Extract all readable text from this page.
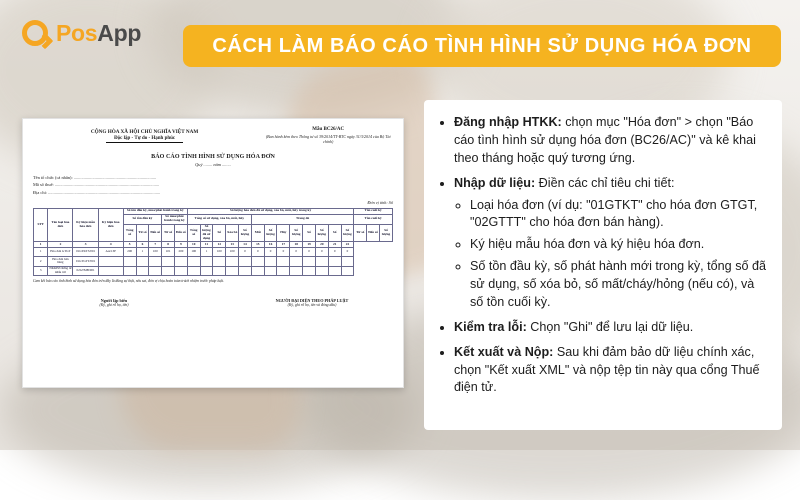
PosApp	CÁCH LÀM BÁO CÁO TÌNH HÌNH SỬ DỤNG HÓA ĐƠN
CỘNG HÒA XÃ HỘI CHỦ NGHĨA VIỆT NAM
Độc lập - Tự do - Hạnh phúc
Mẫu BC26/AC
(Ban hành kèm theo Thông tư số 39/2014/TT-BTC ngày 31/3/2014 của Bộ Tài chính)
BÁO CÁO TÌNH HÌNH SỬ DỤNG HÓA ĐƠN
Quý ........ năm ........
Tên tổ chức (cá nhân): ...........................................................................
Mã số thuế: ...............................................................................................
Địa chỉ: ......................................................................................................
Đơn vị tính: Số
STT	Tên loại hóa đơn	Ký hiệu mẫu hóa đơn	Ký hiệu hóa đơn	Số tồn đầu kỳ, mua/phát hành trong kỳ					Số lượng hóa đơn đã sử dụng, xóa bỏ, mất, hủy trong kỳ													Tồn cuối kỳ		
				Số tồn đầu kỳ			Số mua/phát hành trong kỳ		Tổng số sử dụng, xóa bỏ, mất, hủy					Trong đó								Tồn cuối kỳ		
				Tổng số	Từ số	Đến số	Từ số	Đến số	Tổng số	Số lượng đã sử dụng	Số	Xóa bỏ	Số lượng	Mất	Số lượng	Hủy	Số lượng	Số	Số lượng	Số	Số lượng	Từ số	Đến số	Số lượng
1	2	3	4	5	6	7	8	9	10	11	12	13	14	15	16	17	18	19	20	21	22			
1	Hóa đơn GTGT	01GTKT3/001	AA/13P	200	1	100	101	200	100	1	100	100	0	0	0	0	0	0	0	0	0			
2	Hóa đơn bán hàng	01GTGTT/001																						
3	NKKH/Chứng từ khấu trừ	02GTMB/001																						
Cam kết báo cáo tình hình sử dụng hóa đơn trên đây là đúng sự thật, nếu sai, đơn vị chịu hoàn toàn trách nhiệm trước pháp luật.
Người lập biểu
(Ký, ghi rõ họ, tên)
NGƯỜI ĐẠI DIỆN THEO PHÁP LUẬT
(Ký, ghi rõ họ, tên và đóng dấu)
• Đăng nhập HTKK: chọn mục "Hóa đơn" > chọn "Báo cáo tình hình sử dụng hóa đơn (BC26/AC)" và kê khai theo tháng hoặc quý tương ứng.
• Nhập dữ liệu: Điền các chỉ tiêu chi tiết:
◦ Loại hóa đơn (ví dụ: "01GTKT" cho hóa đơn GTGT, "02GTTT" cho hóa đơn bán hàng).
◦ Ký hiệu mẫu hóa đơn và ký hiệu hóa đơn.
◦ Số tồn đầu kỳ, số phát hành mới trong kỳ, tổng số đã sử dụng, số xóa bỏ, số mất/cháy/hỏng (nếu có), và số tồn cuối kỳ.
• Kiểm tra lỗi: Chọn "Ghi" để lưu lại dữ liệu.
• Kết xuất và Nộp: Sau khi đảm bảo dữ liệu chính xác, chọn "Kết xuất XML" và nộp tệp tin này qua cổng Thuế điện tử.
